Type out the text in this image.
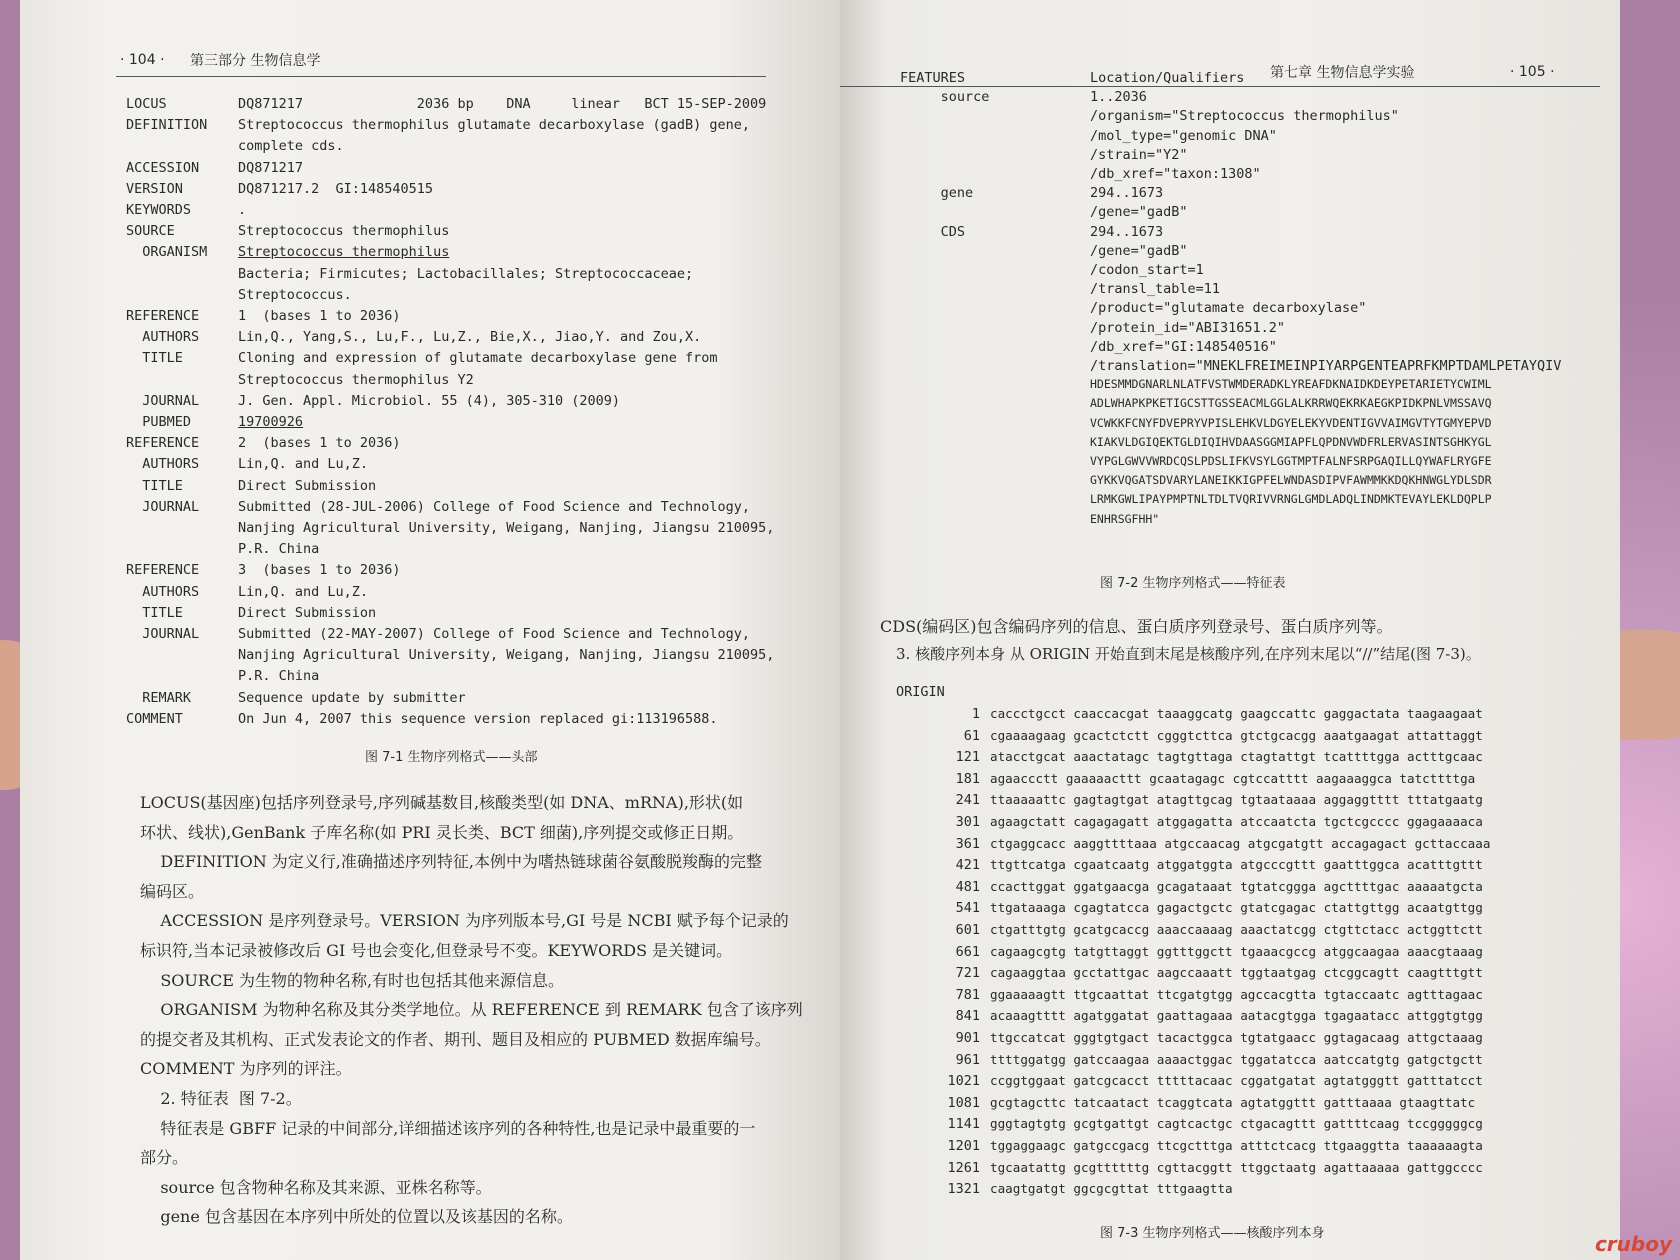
· 104 · 第三部分 生物信息学
LOCUS	DQ871217              2036 bp    DNA     linear   BCT 15-SEP-2009
DEFINITION Streptococcus thermophilus glutamate decarboxylase (gadB) gene,
complete cds.
ACCESSION	DQ871217
VERSION	DQ871217.2  GI:148540515
KEYWORDS	.
SOURCE	Streptococcus thermophilus
ORGANISM Streptococcus thermophilus
Bacteria; Firmicutes; Lactobacillales; Streptococcaceae;
Streptococcus.
REFERENCE	1  (bases 1 to 2036)
AUTHORS	Lin,Q., Yang,S., Lu,F., Lu,Z., Bie,X., Jiao,Y. and Zou,X.
TITLE	Cloning and expression of glutamate decarboxylase gene from
Streptococcus thermophilus Y2
JOURNAL	J. Gen. Appl. Microbiol. 55 (4), 305-310 (2009)
PUBMED	19700926
REFERENCE	2  (bases 1 to 2036)
AUTHORS	Lin,Q. and Lu,Z.
TITLE	Direct Submission
JOURNAL	Submitted (28-JUL-2006) College of Food Science and Technology,
Nanjing Agricultural University, Weigang, Nanjing, Jiangsu 210095,
P.R. China
REFERENCE	3  (bases 1 to 2036)
AUTHORS	Lin,Q. and Lu,Z.
TITLE	Direct Submission
JOURNAL	Submitted (22-MAY-2007) College of Food Science and Technology,
Nanjing Agricultural University, Weigang, Nanjing, Jiangsu 210095,
P.R. China
REMARK	Sequence update by submitter
COMMENT	On Jun 4, 2007 this sequence version replaced gi:113196588.
图 7-1 生物序列格式——头部
LOCUS(基因座)包括序列登录号,序列碱基数目,核酸类型(如 DNA、mRNA),形状(如
环状、线状),GenBank 子库名称(如 PRI 灵长类、BCT 细菌),序列提交或修正日期。
DEFINITION 为定义行,准确描述序列特征,本例中为嗜热链球菌谷氨酸脱羧酶的完整
编码区。
ACCESSION 是序列登录号。VERSION 为序列版本号,GI 号是 NCBI 赋予每个记录的
标识符,当本记录被修改后 GI 号也会变化,但登录号不变。KEYWORDS 是关键词。
SOURCE 为生物的物种名称,有时也包括其他来源信息。
ORGANISM 为物种名称及其分类学地位。从 REFERENCE 到 REMARK 包含了该序列
的提交者及其机构、正式发表论文的作者、期刊、题目及相应的 PUBMED 数据库编号。
COMMENT 为序列的评注。
2. 特征表  图 7-2。
特征表是 GBFF 记录的中间部分,详细描述该序列的各种特性,也是记录中最重要的一
部分。
source 包含物种名称及其来源、亚株名称等。
gene 包含基因在本序列中所处的位置以及该基因的名称。
第七章 生物信息学实验	· 105 ·
FEATURES	Location/Qualifiers
source	1..2036
/organism="Streptococcus thermophilus"
/mol_type="genomic DNA"
/strain="Y2"
/db_xref="taxon:1308"
gene	294..1673
/gene="gadB"
CDS	294..1673
/gene="gadB"
/codon_start=1
/transl_table=11
/product="glutamate decarboxylase"
/protein_id="ABI31651.2"
/db_xref="GI:148540516"
/translation="MNEKLFREIMEINPIYARPGENTEAPRFKMPTDAMLPETAYQIV
HDESMMDGNARLNLATFVSTWMDERADKLYREAFDKNAIDKDEYPETARIETYCWIML
ADLWHAPKPKETIGCSTTGSSEACMLGGLALKRRWQEKRKAEGKPIDKPNLVMSSAVQ
VCWKKFCNYFDVEPRYVPISLEHKVLDGYELEKYVDENTIGVVAIMGVTYTGMYEPVD
KIAKVLDGIQEKTGLDIQIHVDAASGGMIAPFLQPDNVWDFRLERVASINTSGHKYGL
VYPGLGWVVWRDCQSLPDSLIFKVSYLGGTMPTFALNFSRPGAQILLQYWAFLRYGFE
GYKKVQGATSDVARYLANEIKKIGPFELWNDASDIPVFAWMMKKDQKHNWGLYDLSDR
LRMKGWLIPAYPMPTNLTDLTVQRIVVRNGLGMDLADQLINDMKTEVAYLEKLDQPLP
ENHRSGFHH"
图 7-2 生物序列格式——特征表
CDS(编码区)包含编码序列的信息、蛋白质序列登录号、蛋白质序列等。
3. 核酸序列本身 从 ORIGIN 开始直到末尾是核酸序列,在序列末尾以“//”结尾(图 7-3)。
ORIGIN
1 caccctgcct caaccacgat taaaggcatg gaagccattc gaggactata taagaagaat
61 cgaaaagaag gcactctctt cgggtcttca gtctgcacgg aaatgaagat attattaggt
121 atacctgcat aaactatagc tagtgttaga ctagtattgt tcattttgga actttgcaac
181 agaaccctt gaaaaacttt gcaatagagc cgtccatttt aagaaaggca tatcttttga
241 ttaaaaattc gagtagtgat atagttgcag tgtaataaaa aggaggtttt tttatgaatg
301 agaagctatt cagagagatt atggagatta atccaatcta tgctcgcccc ggagaaaaca
361 ctgaggcacc aaggttttaaa atgccaacag atgcgatgtt accagagact gcttaccaaa
421 ttgttcatga cgaatcaatg atggatggta atgcccgttt gaatttggca acatttgttt
481 ccacttggat ggatgaacga gcagataaat tgtatcggga agcttttgac aaaaatgcta
541 ttgataaaga cgagtatcca gagactgctc gtatcgagac ctattgttgg acaatgttgg
601 ctgatttgtg gcatgcaccg aaaccaaaag aaactatcgg ctgttctacc actggttctt
661 cagaagcgtg tatgttaggt ggtttggctt tgaaacgccg atggcaagaa aaacgtaaag
721 cagaaggtaa gcctattgac aagccaaatt tggtaatgag ctcggcagtt caagtttgtt
781 ggaaaaagtt ttgcaattat ttcgatgtgg agccacgtta tgtaccaatc agtttagaac
841 acaaagtttt agatggatat gaattagaaa aatacgtgga tgagaatacc attggtgtgg
901 ttgccatcat gggtgtgact tacactggca tgtatgaacc ggtagacaag attgctaaag
961 ttttggatgg gatccaagaa aaaactggac tggatatcca aatccatgtg gatgctgctt
1021 ccggtggaat gatcgcacct tttttacaac cggatgatat agtatgggtt gatttatcct
1081 gcgtagcttc tatcaatact tcaggtcata agtatggttt gatttaaaa gtaagttatc
1141 gggtagtgtg gcgtgattgt cagtcactgc ctgacagttt gattttcaag tccgggggcg
1201 tggaggaagc gatgccgacg ttcgctttga atttctcacg ttgaaggtta taaaaaagta
1261 tgcaatattg gcgttttttg cgttacggtt ttggctaatg agattaaaaa gattggcccc
1321 caagtgatgt ggcgcgttat tttgaagtta
图 7-3 生物序列格式——核酸序列本身	cruboy
